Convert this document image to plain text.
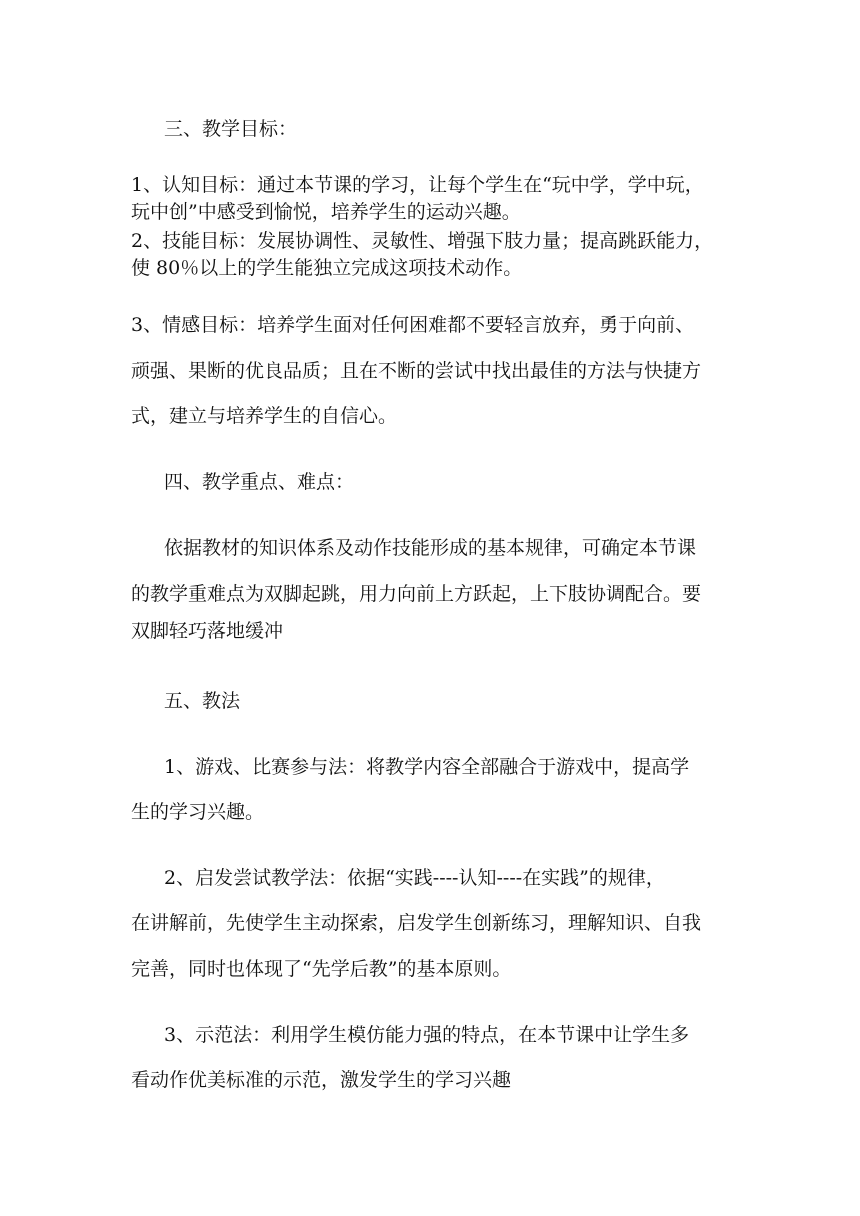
三、教学目标：
1、认知目标：通过本节课的学习，让每个学生在“玩中学，学中玩，
玩中创”中感受到愉悦，培养学生的运动兴趣。
2、技能目标：发展协调性、灵敏性、增强下肢力量；提高跳跃能力，
使 80％以上的学生能独立完成这项技术动作。
3、情感目标：培养学生面对任何困难都不要轻言放弃，勇于向前、
顽强、果断的优良品质；且在不断的尝试中找出最佳的方法与快捷方
式，建立与培养学生的自信心。
四、教学重点、难点：
依据教材的知识体系及动作技能形成的基本规律，可确定本节课
的教学重难点为双脚起跳，用力向前上方跃起，上下肢协调配合。要
双脚轻巧落地缓冲
五、教法
1、游戏、比赛参与法：将教学内容全部融合于游戏中，提高学
生的学习兴趣。
2、启发尝试教学法：依据“实践----认知----在实践”的规律，
在讲解前，先使学生主动探索，启发学生创新练习，理解知识、自我
完善，同时也体现了“先学后教”的基本原则。
3、示范法：利用学生模仿能力强的特点，在本节课中让学生多
看动作优美标准的示范，激发学生的学习兴趣
